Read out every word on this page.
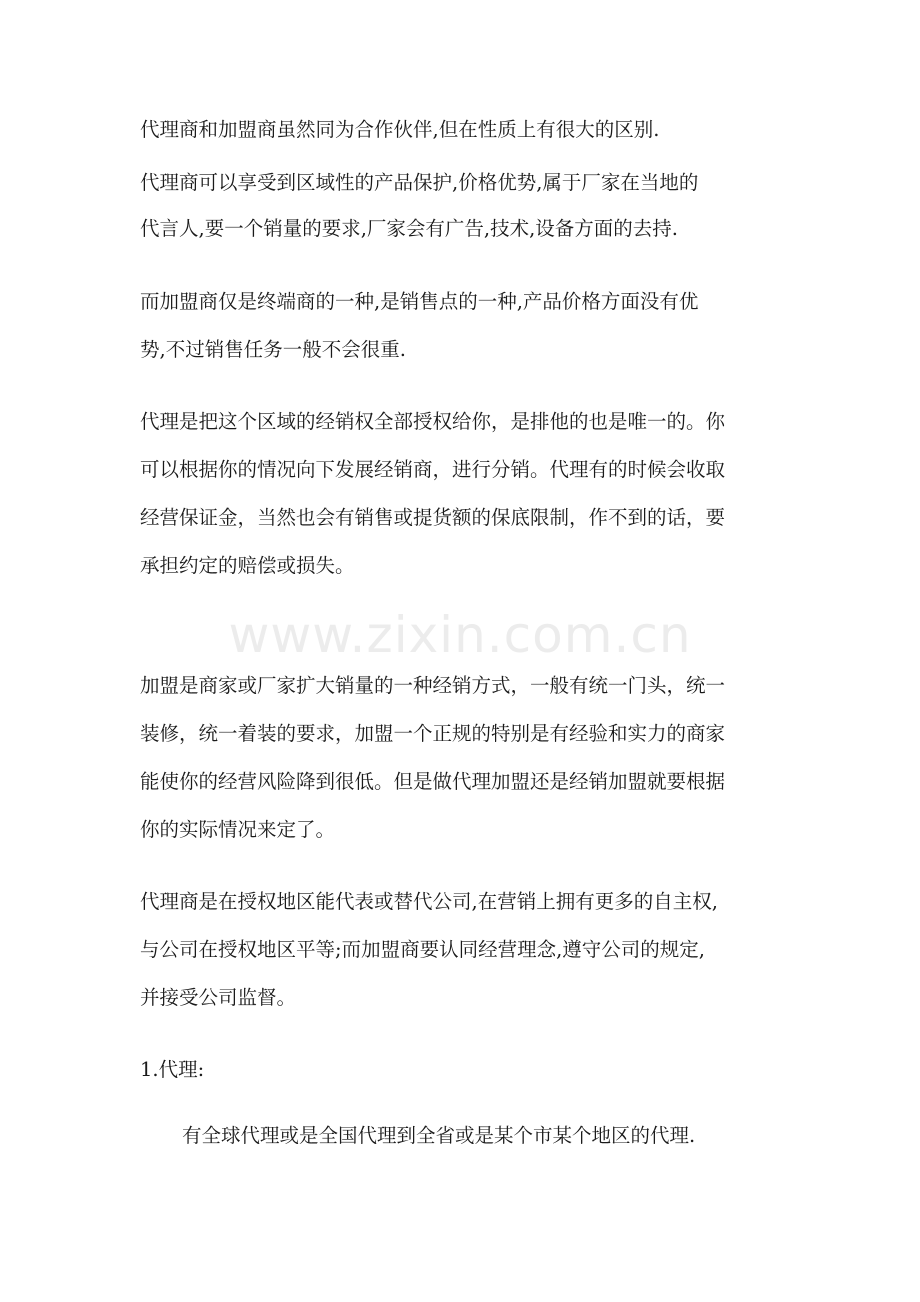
代理商和加盟商虽然同为合作伙伴,但在性质上有很大的区别.
代理商可以享受到区域性的产品保护,价格优势,属于厂家在当地的
代言人,要一个销量的要求,厂家会有广告,技术,设备方面的去持.
而加盟商仅是终端商的一种,是销售点的一种,产品价格方面没有优
势,不过销售任务一般不会很重.
代理是把这个区域的经销权全部授权给你，是排他的也是唯一的。你
可以根据你的情况向下发展经销商，进行分销。代理有的时候会收取
经营保证金，当然也会有销售或提货额的保底限制，作不到的话，要
承担约定的赔偿或损失。
www.zixin.com.cn
加盟是商家或厂家扩大销量的一种经销方式，一般有统一门头，统一
装修，统一着装的要求，加盟一个正规的特别是有经验和实力的商家
能使你的经营风险降到很低。但是做代理加盟还是经销加盟就要根据
你的实际情况来定了。
代理商是在授权地区能代表或替代公司,在营销上拥有更多的自主权,
与公司在授权地区平等;而加盟商要认同经营理念,遵守公司的规定,
并接受公司监督。
1.代理:
有全球代理或是全国代理到全省或是某个市某个地区的代理.
